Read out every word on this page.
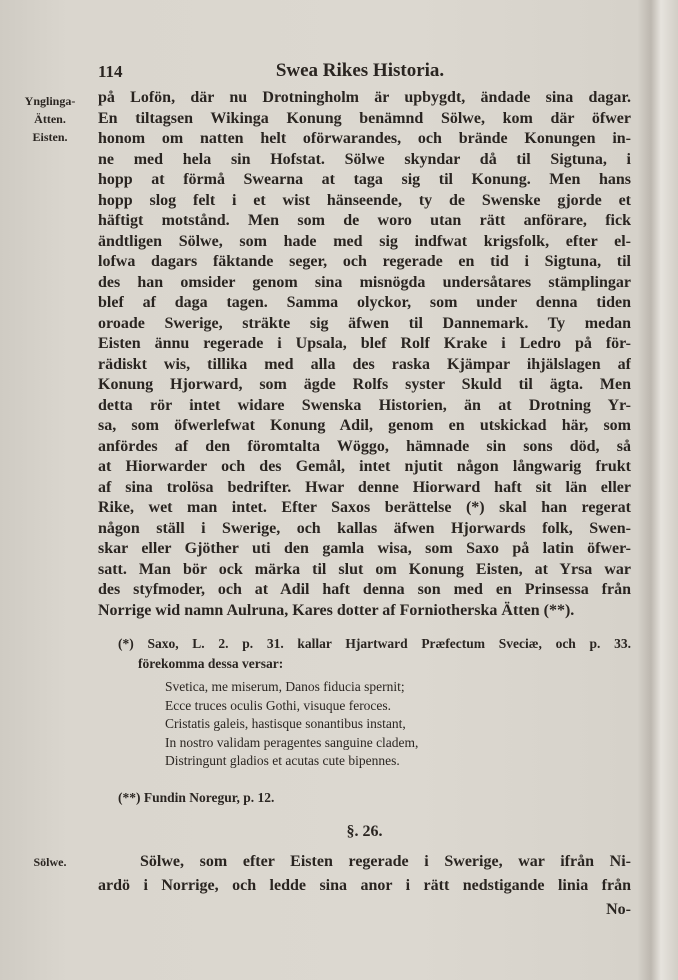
114	Swea Rikes Historia.
Ynglinga-
Ätten.
Eisten.
på Lofön, där nu Drotningholm är upbygdt, ändade sina dagar.
En tiltagsen Wikinga Konung benämnd Sölwe, kom där öfwer
honom om natten helt oförwarandes, och brände Konungen in-
ne med hela sin Hofstat. Sölwe skyndar då til Sigtuna, i
hopp at förmå Swearna at taga sig til Konung. Men hans
hopp slog felt i et wist hänseende, ty de Swenske gjorde et
häftigt motstånd. Men som de woro utan rätt anförare, fick
ändtligen Sölwe, som hade med sig indfwat krigsfolk, efter el-
lofwa dagars fäktande seger, och regerade en tid i Sigtuna, til
des han omsider genom sina misnögda undersåtares stämplingar
blef af daga tagen. Samma olyckor, som under denna tiden
oroade Swerige, sträkte sig äfwen til Dannemark. Ty medan
Eisten ännu regerade i Upsala, blef Rolf Krake i Ledro på för-
rädiskt wis, tillika med alla des raska Kjämpar ihjälslagen af
Konung Hjorward, som ägde Rolfs syster Skuld til ägta. Men
detta rör intet widare Swenska Historien, än at Drotning Yr-
sa, som öfwerlefwat Konung Adil, genom en utskickad här, som
anfördes af den föromtalta Wöggo, hämnade sin sons död, så
at Hiorwarder och des Gemål, intet njutit någon långwarig frukt
af sina trolösa bedrifter. Hwar denne Hiorward haft sit län eller
Rike, wet man intet. Efter Saxos berättelse (*) skal han regerat
någon ställ i Swerige, och kallas äfwen Hjorwards folk, Swen-
skar eller Gjöther uti den gamla wisa, som Saxo på latin öfwer-
satt. Man bör ock märka til slut om Konung Eisten, at Yrsa war
des styfmoder, och at Adil haft denna son med en Prinsessa från
Norrige wid namn Aulruna, Kares dotter af Forniotherska Ätten (**).
(*) Saxo, L. 2. p. 31. kallar Hjartward Præfectum Sveciæ, och p. 33.
förekomma dessa versar:
Svetica, me miserum, Danos fiducia spernit;
Ecce truces oculis Gothi, visuque feroces.
Cristatis galeis, hastisque sonantibus instant,
In nostro validam peragentes sanguine cladem,
Distringunt gladios et acutas cute bipennes.
(**) Fundin Noregur, p. 12.
§. 26.
Sölwe.	Sölwe, som efter Eisten regerade i Swerige, war ifrån Ni-
ardö i Norrige, och ledde sina anor i rätt nedstigande linia från
No-
